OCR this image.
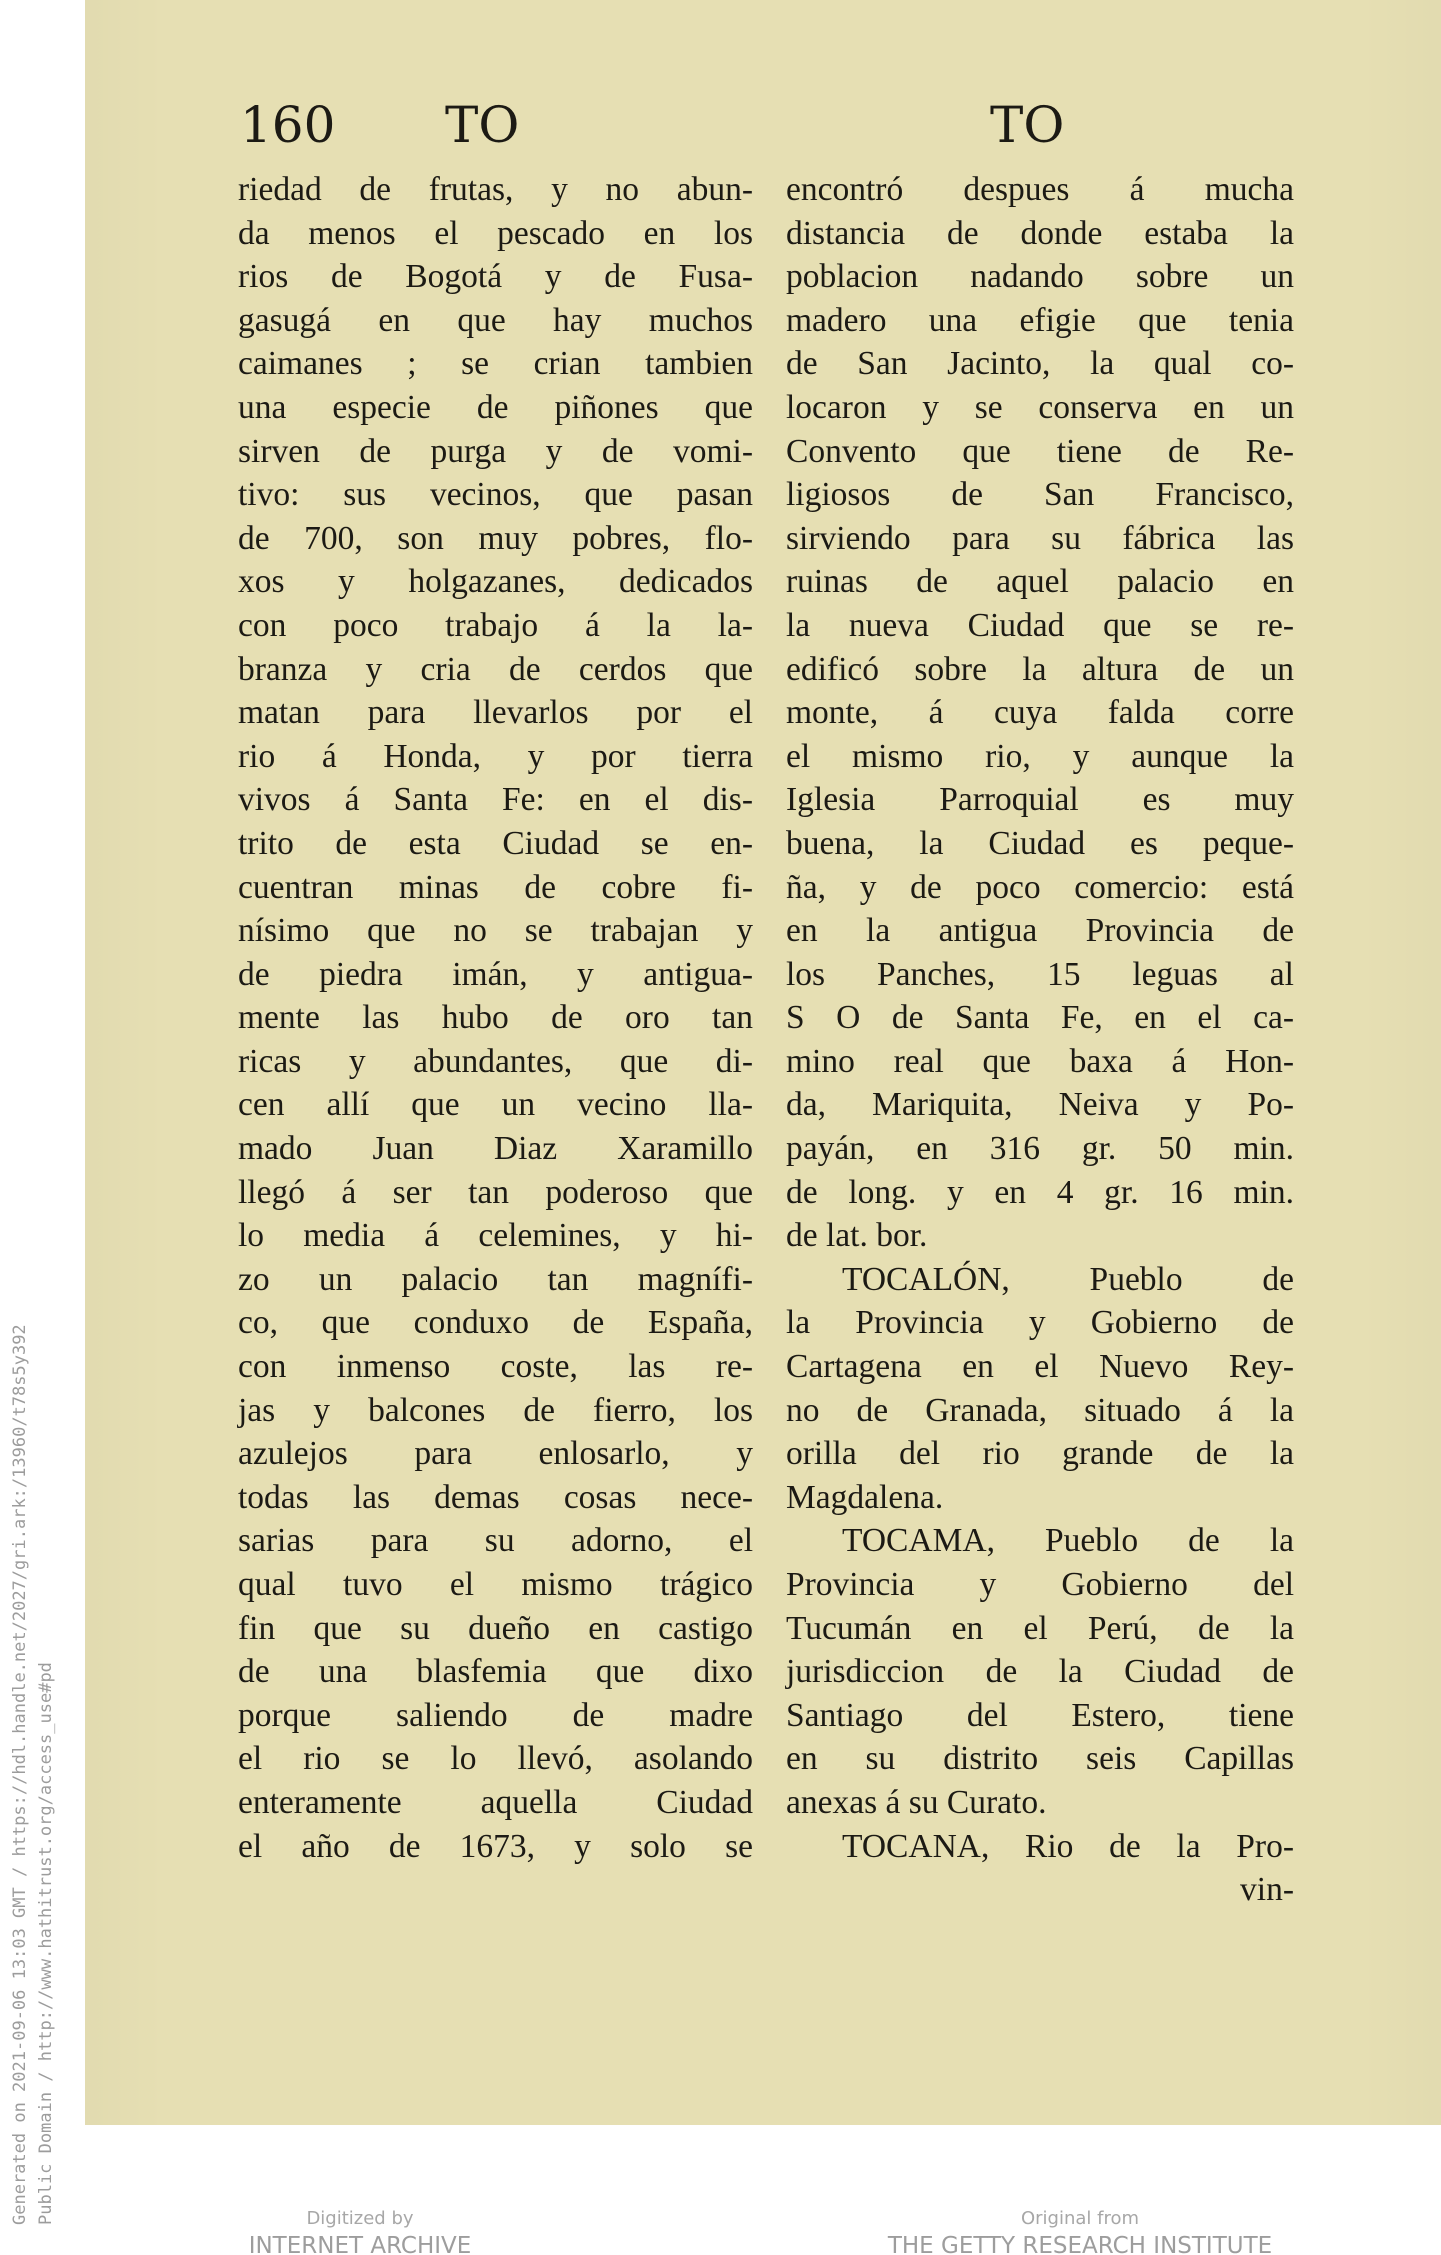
Generated on 2021-09-06 13:03 GMT / https://hdl.handle.net/2027/gri.ark:/13960/t78s5y392 Public Domain / http://www.hathitrust.org/access_use#pd
160 TO	TO
riedad de frutas, y no abun-
da menos el pescado en los
rios de Bogotá y de Fusa-
gasugá en que hay muchos
caimanes ; se crian tambien
una especie de piñones que
sirven de purga y de vomi-
tivo: sus vecinos, que pasan
de 700, son muy pobres, flo-
xos y holgazanes, dedicados
con poco trabajo á la la-
branza y cria de cerdos que
matan para llevarlos por el
rio á Honda, y por tierra
vivos á Santa Fe: en el dis-
trito de esta Ciudad se en-
cuentran minas de cobre fi-
nísimo que no se trabajan y
de piedra imán, y antigua-
mente las hubo de oro tan
ricas y abundantes, que di-
cen allí que un vecino lla-
mado Juan Diaz Xaramillo
llegó á ser tan poderoso que
lo media á celemines, y hi-
zo un palacio tan magnífi-
co, que conduxo de España,
con inmenso coste, las re-
jas y balcones de fierro, los
azulejos para enlosarlo, y
todas las demas cosas nece-
sarias para su adorno, el
qual tuvo el mismo trágico
fin que su dueño en castigo
de una blasfemia que dixo
porque saliendo de madre
el rio se lo llevó, asolando
enteramente aquella Ciudad
el año de 1673, y solo se
encontró despues á mucha
distancia de donde estaba la
poblacion nadando sobre un
madero una efigie que tenia
de San Jacinto, la qual co-
locaron y se conserva en un
Convento que tiene de Re-
ligiosos de San Francisco,
sirviendo para su fábrica las
ruinas de aquel palacio en
la nueva Ciudad que se re-
edificó sobre la altura de un
monte, á cuya falda corre
el mismo rio, y aunque la
Iglesia Parroquial es muy
buena, la Ciudad es peque-
ña, y de poco comercio: está
en la antigua Provincia de
los Panches, 15 leguas al
S O de Santa Fe, en el ca-
mino real que baxa á Hon-
da, Mariquita, Neiva y Po-
payán, en 316 gr. 50 min.
de long. y en 4 gr. 16 min.
de lat. bor.
TOCALÓN, Pueblo de
la Provincia y Gobierno de
Cartagena en el Nuevo Rey-
no de Granada, situado á la
orilla del rio grande de la
Magdalena.
TOCAMA, Pueblo de la
Provincia y Gobierno del
Tucumán en el Perú, de la
jurisdiccion de la Ciudad de
Santiago del Estero, tiene
en su distrito seis Capillas
anexas á su Curato.
TOCANA, Rio de la Pro-
vin-
Digitized by
INTERNET ARCHIVE
Original from
THE GETTY RESEARCH INSTITUTE
